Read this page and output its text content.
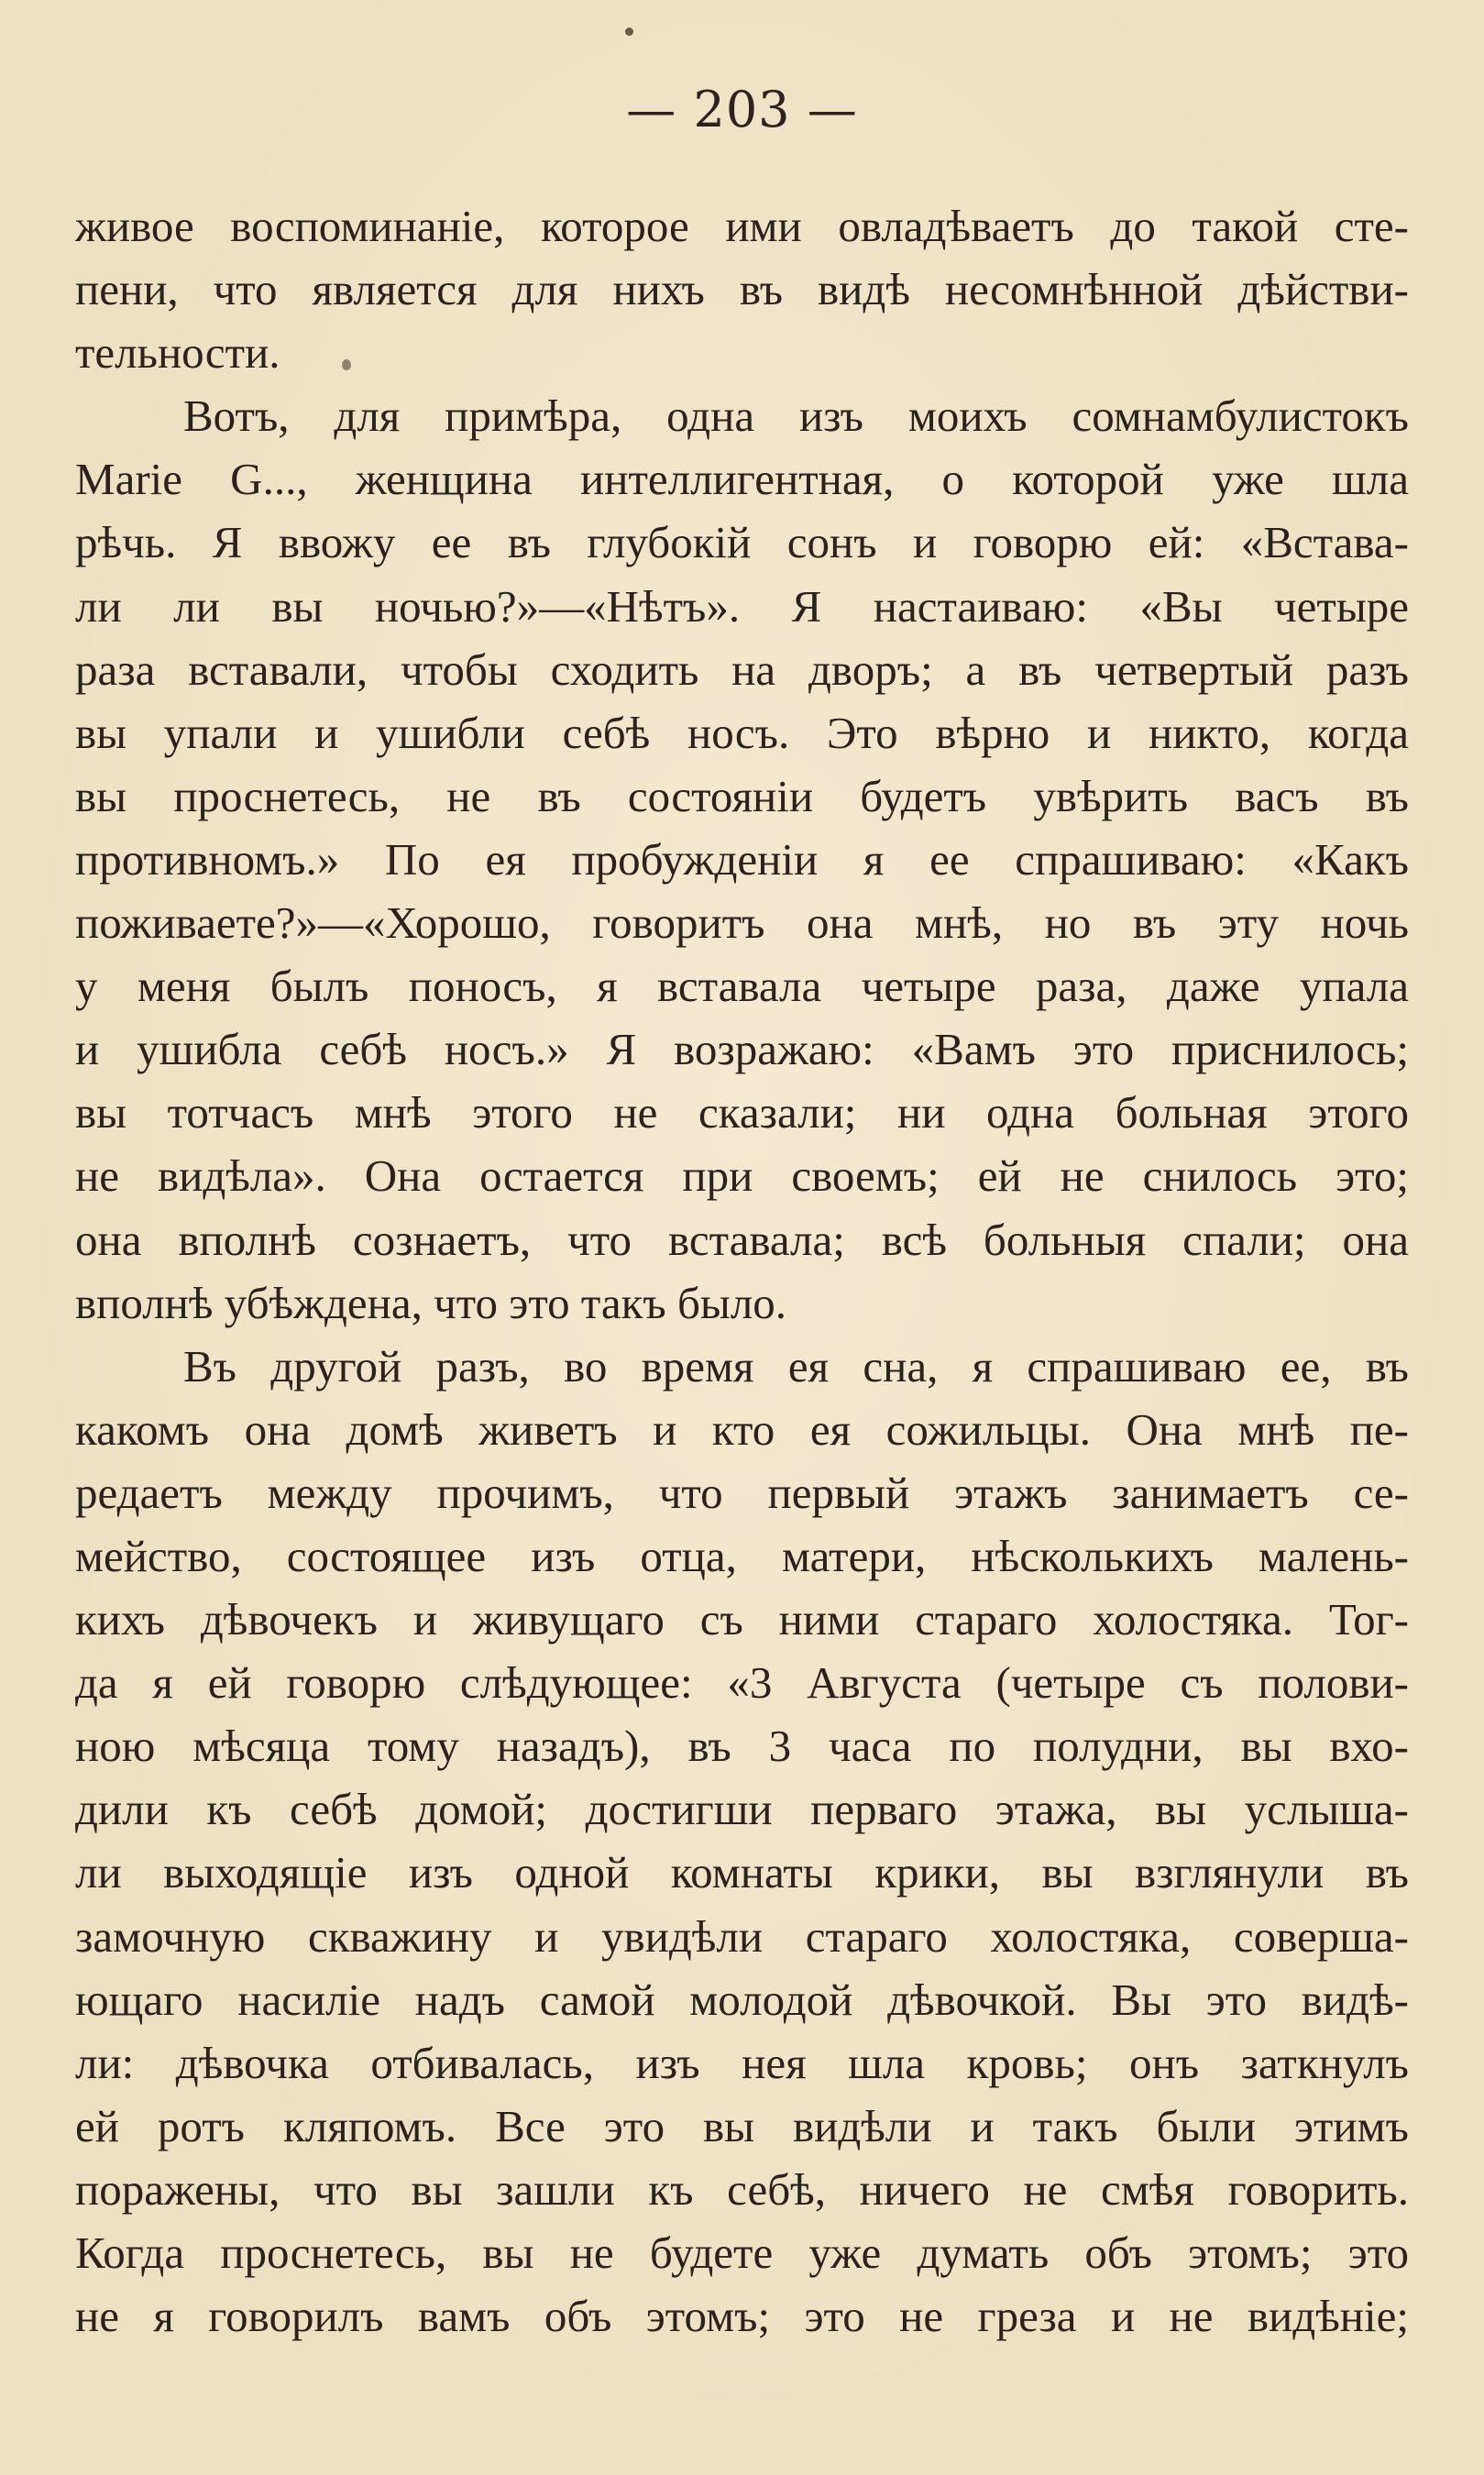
— 203 —
живое воспоминаніе, которое ими овладѣваетъ до такой сте-
пени, что является для нихъ въ видѣ несомнѣнной дѣйстви-
тельности.
Вотъ, для примѣра, одна изъ моихъ сомнамбулистокъ
Marie G..., женщина интеллигентная, о которой уже шла
рѣчь. Я ввожу ее въ глубокій сонъ и говорю ей: «Встава-
ли ли вы ночью?»—«Нѣтъ». Я настаиваю: «Вы четыре
раза вставали, чтобы сходить на дворъ; а въ четвертый разъ
вы упали и ушибли себѣ носъ. Это вѣрно и никто, когда
вы проснетесь, не въ состояніи будетъ увѣрить васъ въ
противномъ.» По ея пробужденіи я ее спрашиваю: «Какъ
поживаете?»—«Хорошо, говоритъ она мнѣ, но въ эту ночь
у меня былъ поносъ, я вставала четыре раза, даже упала
и ушибла себѣ носъ.» Я возражаю: «Вамъ это приснилось;
вы тотчасъ мнѣ этого не сказали; ни одна больная этого
не видѣла». Она остается при своемъ; ей не снилось это;
она вполнѣ сознаетъ, что вставала; всѣ больныя спали; она
вполнѣ убѣждена, что это такъ было.
Въ другой разъ, во время ея сна, я спрашиваю ее, въ
какомъ она домѣ живетъ и кто ея сожильцы. Она мнѣ пе-
редаетъ между прочимъ, что первый этажъ занимаетъ се-
мейство, состоящее изъ отца, матери, нѣсколькихъ малень-
кихъ дѣвочекъ и живущаго съ ними стараго холостяка. Тог-
да я ей говорю слѣдующее: «3 Августа (четыре съ полови-
ною мѣсяца тому назадъ), въ 3 часа по полудни, вы вхо-
дили къ себѣ домой; достигши перваго этажа, вы услыша-
ли выходящіе изъ одной комнаты крики, вы взглянули въ
замочную скважину и увидѣли стараго холостяка, соверша-
ющаго насиліе надъ самой молодой дѣвочкой. Вы это видѣ-
ли: дѣвочка отбивалась, изъ нея шла кровь; онъ заткнулъ
ей ротъ кляпомъ. Все это вы видѣли и такъ были этимъ
поражены, что вы зашли къ себѣ, ничего не смѣя говорить.
Когда проснетесь, вы не будете уже думать объ этомъ; это
не я говорилъ вамъ объ этомъ; это не греза и не видѣніе;
